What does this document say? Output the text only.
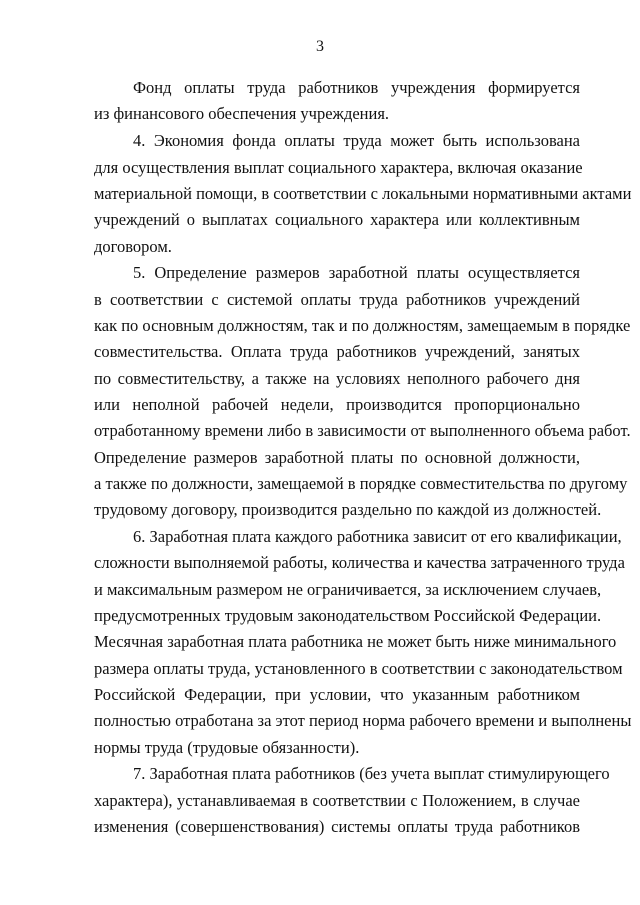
3
Фонд оплаты труда работников учреждения формируется
из финансового обеспечения учреждения.
4. Экономия фонда оплаты труда может быть использована
для осуществления выплат социального характера, включая оказание
материальной помощи, в соответствии с локальными нормативными актами
учреждений о выплатах социального характера или коллективным
договором.
5. Определение размеров заработной платы осуществляется
в соответствии с системой оплаты труда работников учреждений
как по основным должностям, так и по должностям, замещаемым в порядке
совместительства. Оплата труда работников учреждений, занятых
по совместительству, а также на условиях неполного рабочего дня
или неполной рабочей недели, производится пропорционально
отработанному времени либо в зависимости от выполненного объема работ.
Определение размеров заработной платы по основной должности,
а также по должности, замещаемой в порядке совместительства по другому
трудовому договору, производится раздельно по каждой из должностей.
6. Заработная плата каждого работника зависит от его квалификации,
сложности выполняемой работы, количества и качества затраченного труда
и максимальным размером не ограничивается, за исключением случаев,
предусмотренных трудовым законодательством Российской Федерации.
Месячная заработная плата работника не может быть ниже минимального
размера оплаты труда, установленного в соответствии с законодательством
Российской Федерации, при условии, что указанным работником
полностью отработана за этот период норма рабочего времени и выполнены
нормы труда (трудовые обязанности).
7. Заработная плата работников (без учета выплат стимулирующего
характера), устанавливаемая в соответствии с Положением, в случае
изменения (совершенствования) системы оплаты труда работников
